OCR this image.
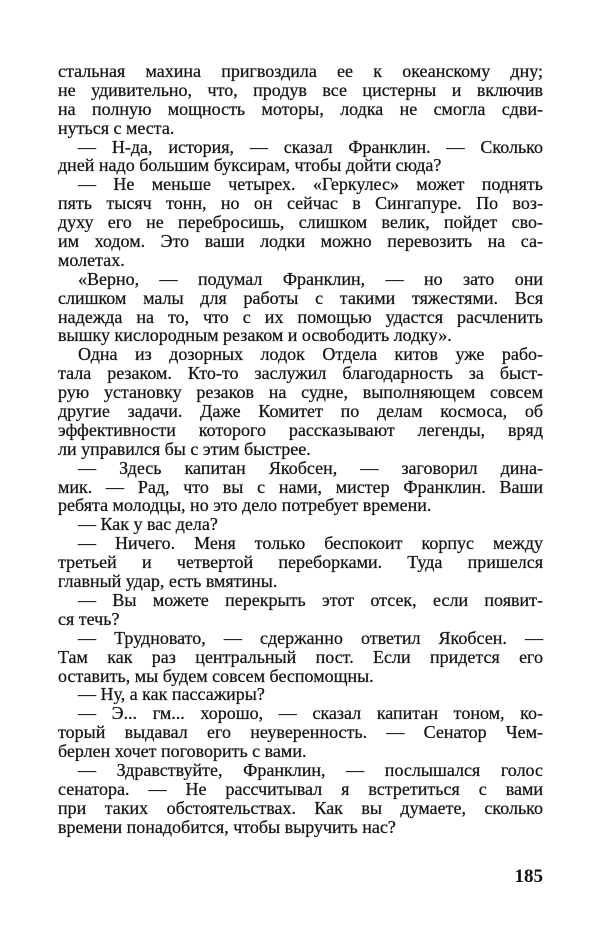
стальная махина пригвоздила ее к океанскому дну;
не удивительно, что, продув все цистерны и включив
на полную мощность моторы, лодка не смогла сдви-
нуться с места.
— Н-да, история, — сказал Франклин. — Сколько
дней надо большим буксирам, чтобы дойти сюда?
— Не меньше четырех. «Геркулес» может поднять
пять тысяч тонн, но он сейчас в Сингапуре. По воз-
духу его не перебросишь, слишком велик, пойдет сво-
им ходом. Это ваши лодки можно перевозить на са-
молетах.
«Верно, — подумал Франклин, — но зато они
слишком малы для работы с такими тяжестями. Вся
надежда на то, что с их помощью удастся расчленить
вышку кислородным резаком и освободить лодку».
Одна из дозорных лодок Отдела китов уже рабо-
тала резаком. Кто-то заслужил благодарность за быст-
рую установку резаков на судне, выполняющем совсем
другие задачи. Даже Комитет по делам космоса, об
эффективности которого рассказывают легенды, вряд
ли управился бы с этим быстрее.
— Здесь капитан Якобсен, — заговорил дина-
мик. — Рад, что вы с нами, мистер Франклин. Ваши
ребята молодцы, но это дело потребует времени.
— Как у вас дела?
— Ничего. Меня только беспокоит корпус между
третьей и четвертой переборками. Туда пришелся
главный удар, есть вмятины.
— Вы можете перекрыть этот отсек, если появит-
ся течь?
— Трудновато, — сдержанно ответил Якобсен. —
Там как раз центральный пост. Если придется его
оставить, мы будем совсем беспомощны.
— Ну, а как пассажиры?
— Э... гм... хорошо, — сказал капитан тоном, ко-
торый выдавал его неуверенность. — Сенатор Чем-
берлен хочет поговорить с вами.
— Здравствуйте, Франклин, — послышался голос
сенатора. — Не рассчитывал я встретиться с вами
при таких обстоятельствах. Как вы думаете, сколько
времени понадобится, чтобы выручить нас?
185
